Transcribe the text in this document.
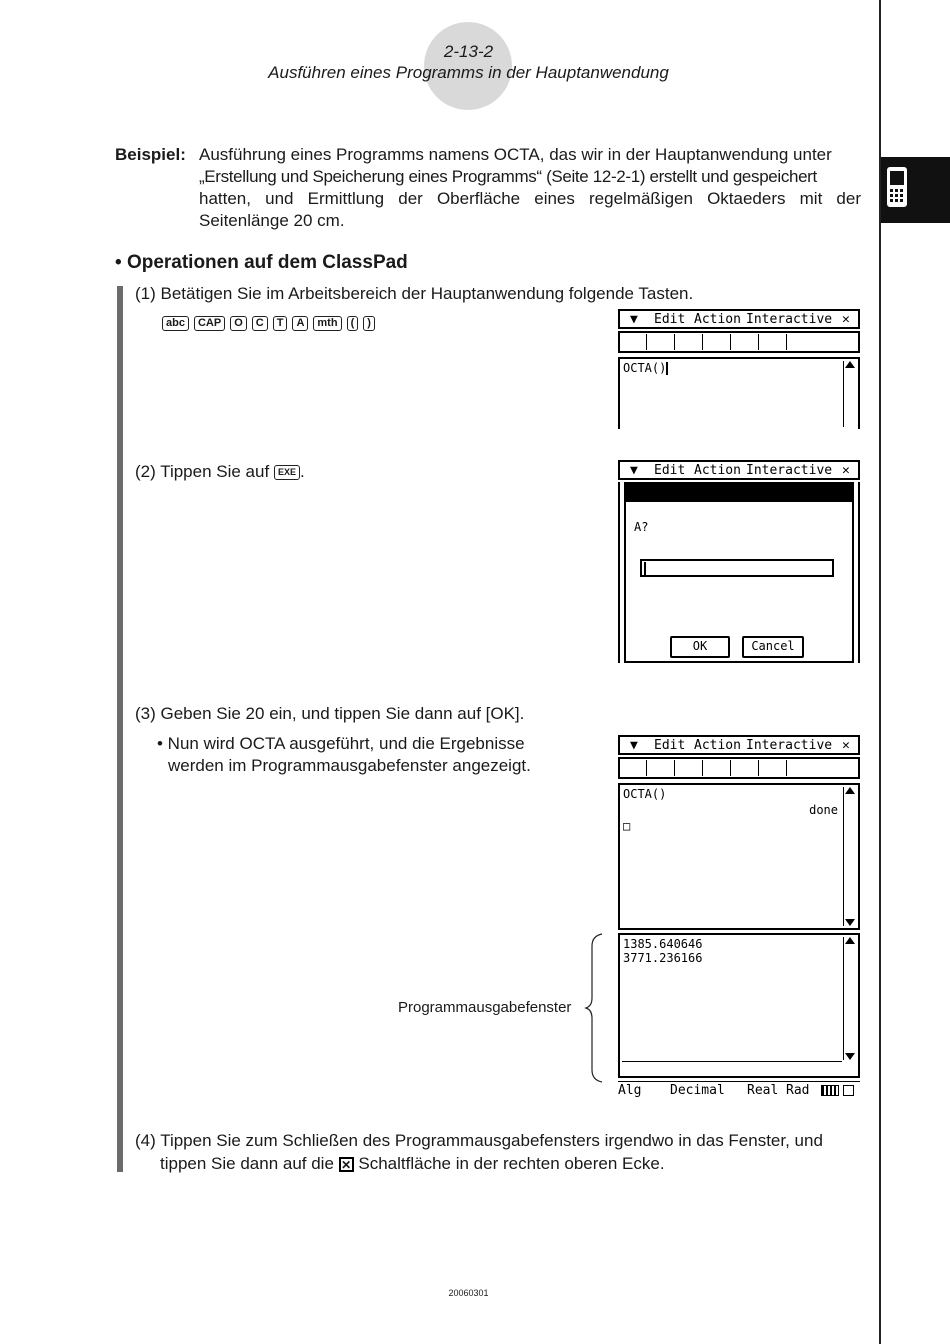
2-13-2
Ausführen eines Programms in der Hauptanwendung
Beispiel: Ausführung eines Programms namens OCTA, das wir in der Hauptanwendung unter
„Erstellung und Speicherung eines Programms“ (Seite 12-2-1) erstellt und gespeichert
hatten, und Ermittlung der Oberfläche eines regelmäßigen Oktaeders mit der
Seitenlänge 20 cm.
• Operationen auf dem ClassPad
(1) Betätigen Sie im Arbeitsbereich der Hauptanwendung folgende Tasten.
abc CAP O C T A mth ( )	▼ Edit Action Interactive ✕
OCTA()
(2) Tippen Sie auf EXE .	▼ Edit Action Interactive ✕
A?
OK	Cancel
(3) Geben Sie 20 ein, und tippen Sie dann auf [OK].
• Nun wird OCTA ausgeführt, und die Ergebnisse
werden im Programmausgabefenster angezeigt.
▼ Edit Action Interactive ✕
OCTA()
done
□
1385.640646
3771.236166
Alg Decimal Real Rad
Programmausgabefenster
(4) Tippen Sie zum Schließen des Programmausgabefensters irgendwo in das Fenster, und
tippen Sie dann auf die ✕ Schaltfläche in der rechten oberen Ecke.
20060301
